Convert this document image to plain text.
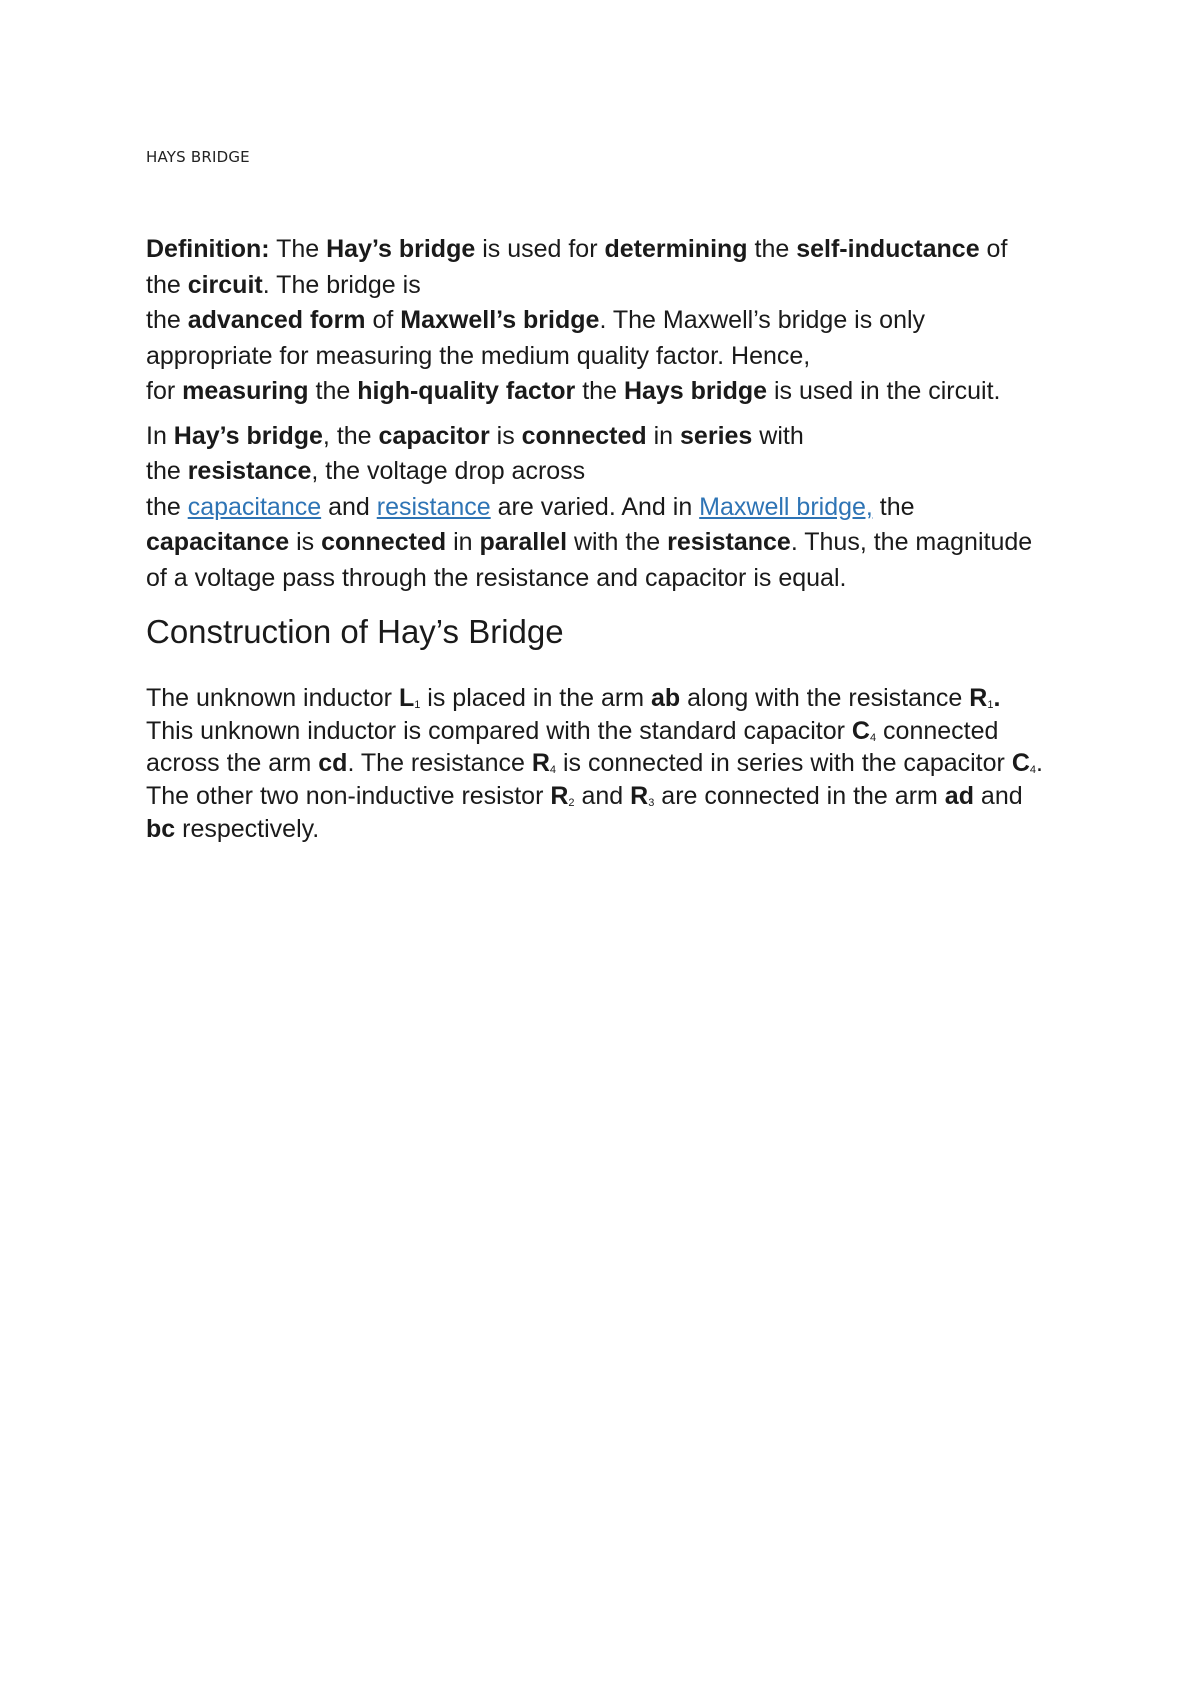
HAYS BRIDGE

Definition: The Hay’s bridge is used for determining the self-inductance of the circuit. The bridge is
the advanced form of Maxwell’s bridge. The Maxwell’s bridge is only appropriate for measuring the medium quality factor. Hence,
for measuring the high-quality factor the Hays bridge is used in the circuit.

In Hay’s bridge, the capacitor is connected in series with
the resistance, the voltage drop across
the capacitance and resistance are varied. And in Maxwell bridge, the capacitance is connected in parallel with the resistance. Thus, the magnitude of a voltage pass through the resistance and capacitor is equal.

Construction of Hay’s Bridge

The unknown inductor $L_1$ is placed in the arm ab along with the resistance $R_1$. This unknown inductor is compared with the standard capacitor $C_4$ connected across the arm cd. The resistance $R_4$ is connected in series with the capacitor $C_4$. The other two non-inductive resistor $R_2$ and $R_3$ are connected in the arm ad and bc respectively.
